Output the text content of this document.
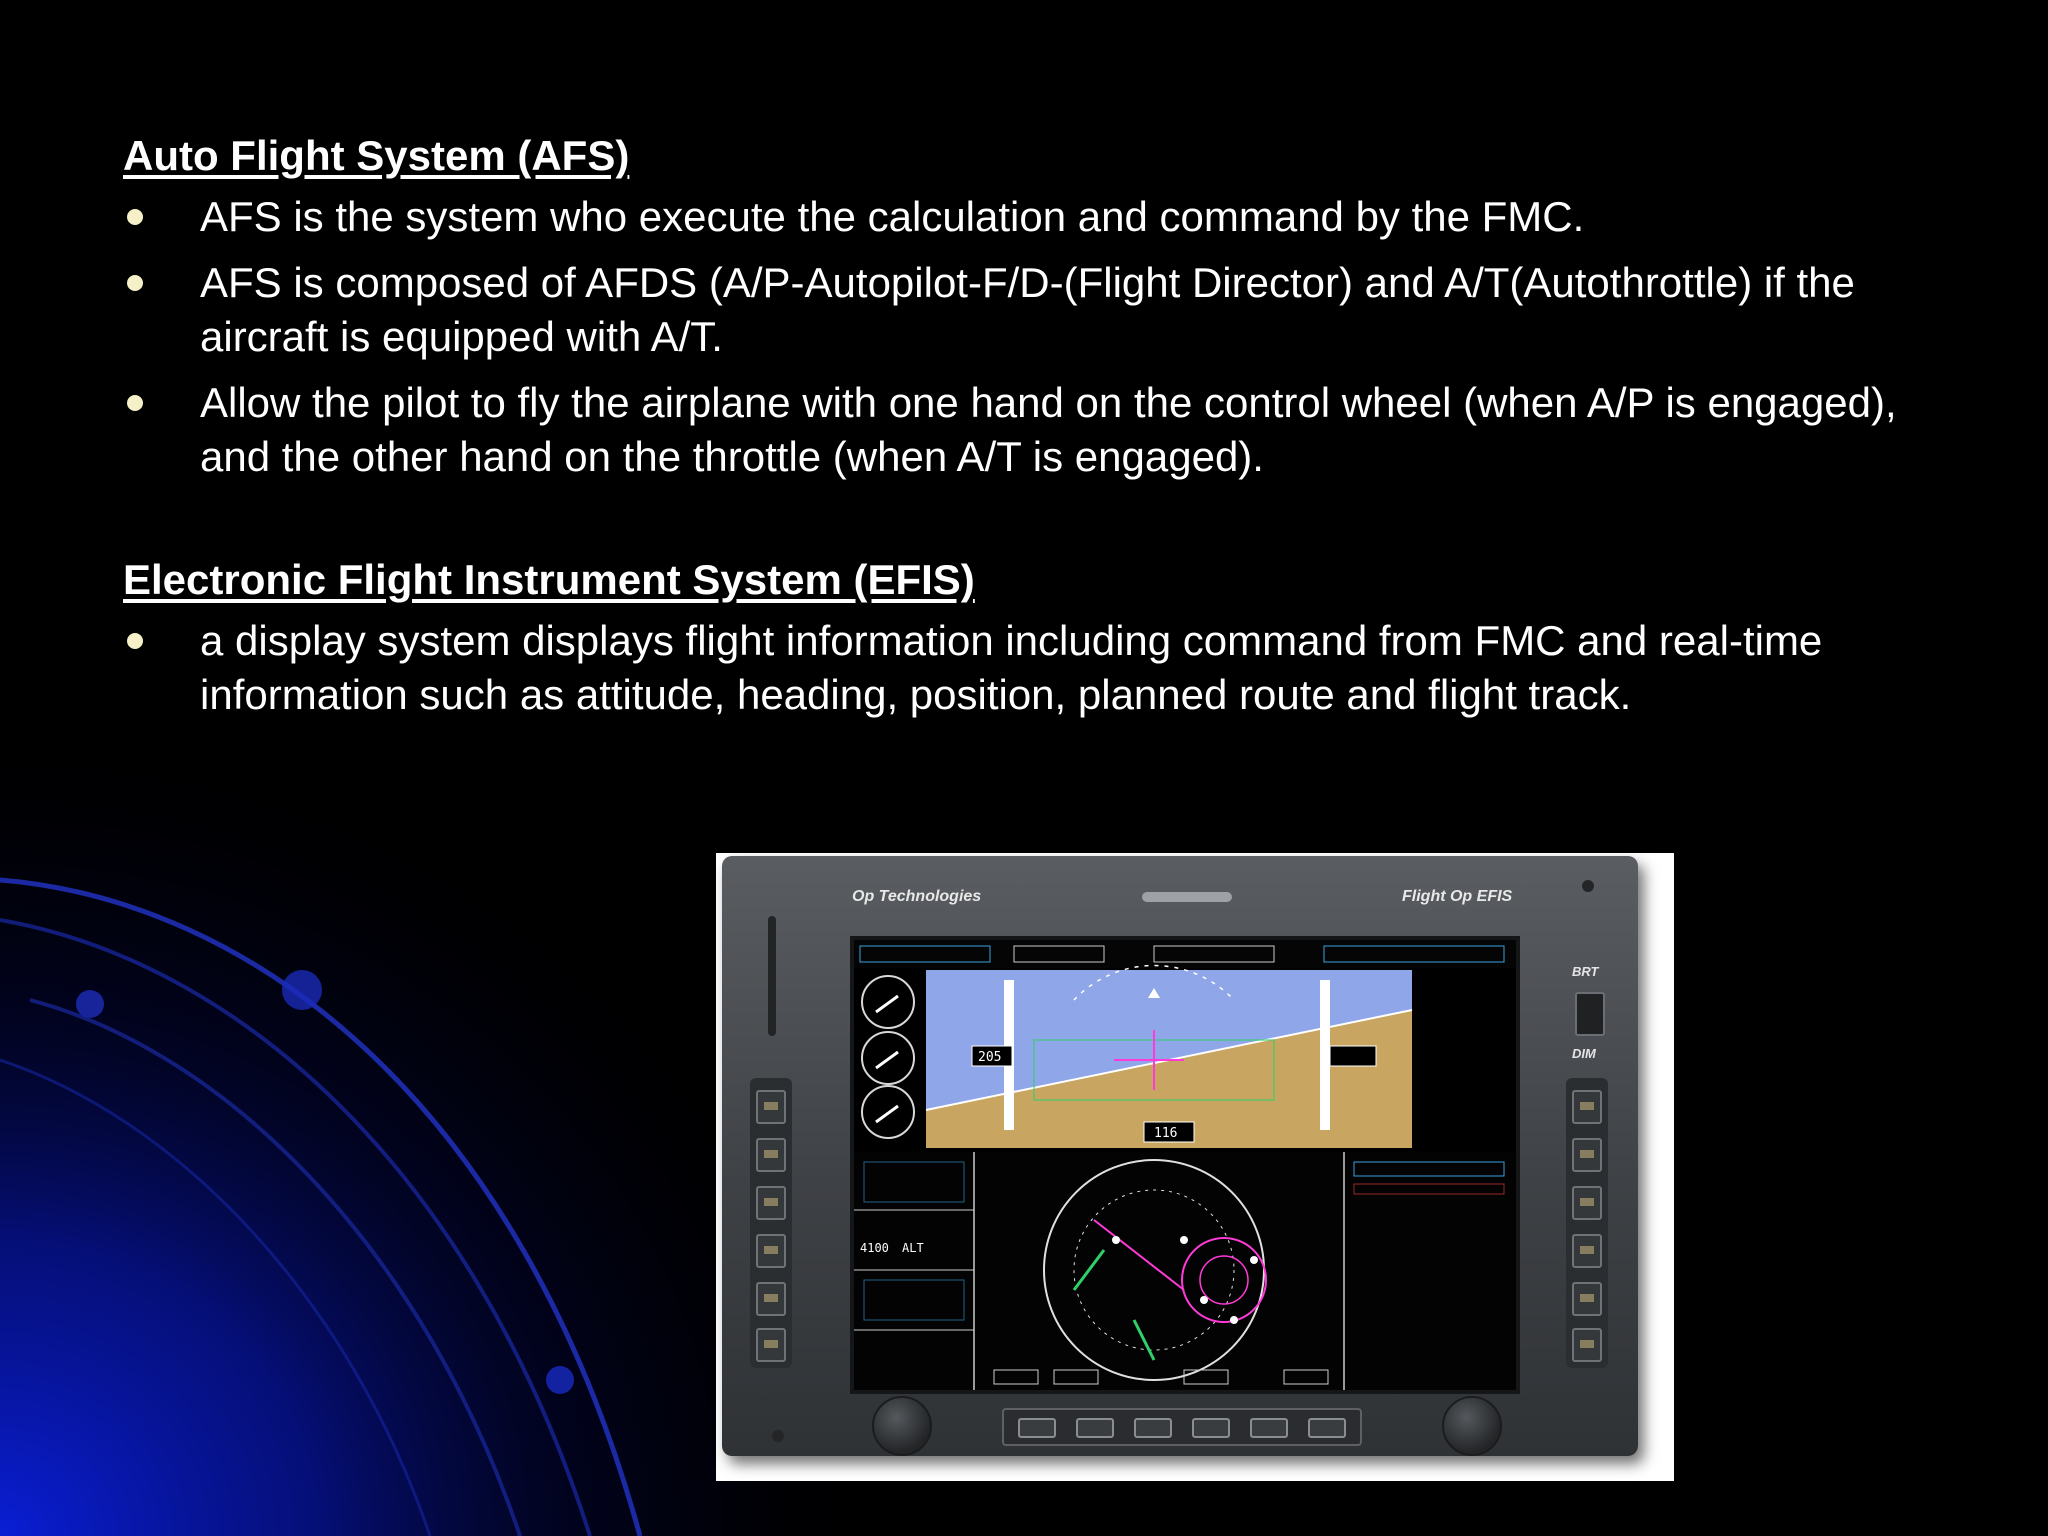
Auto Flight System (AFS)
AFS is the system who execute the calculation and command by the FMC.
AFS is composed of AFDS (A/P-Autopilot-F/D-(Flight Director) and A/T(Autothrottle) if the aircraft is equipped with A/T.
Allow the pilot to fly the airplane with one hand on the control wheel (when A/P is engaged), and the other hand on the throttle (when A/T is engaged).
Electronic Flight Instrument System (EFIS)
a display system displays flight information including command from FMC and real-time information such as attitude, heading, position, planned route and flight track.
Op Technologies	Flight Op EFIS
BRT
DIM
205
116
4100 ALT
